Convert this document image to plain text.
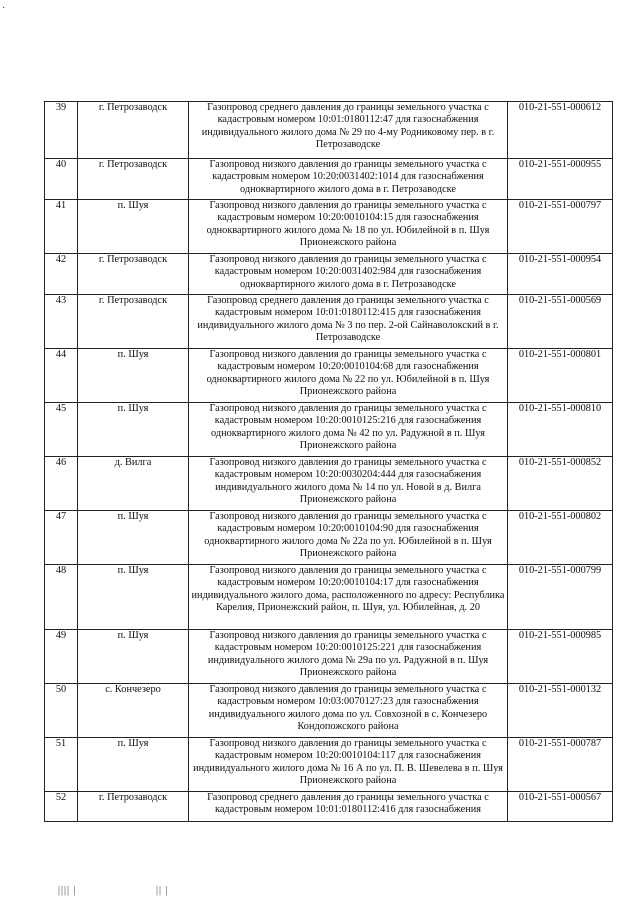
·
39	г. Петрозаводск	Газопровод среднего давления до границы земельного участка с кадастровым номером 10:01:0180112:47 для газоснабжения индивидуального жилого дома № 29 по 4-му Родниковому пер. в г. Петрозаводске	010-21-551-000612
40	г. Петрозаводск	Газопровод низкого давления до границы земельного участка с кадастровым номером 10:20:0031402:1014 для газоснабжения одноквартирного жилого дома в г. Петрозаводске	010-21-551-000955
41	п. Шуя	Газопровод низкого давления до границы земельного участка с кадастровым номером 10:20:0010104:15 для газоснабжения одноквартирного жилого дома № 18 по ул. Юбилейной в п. Шуя Прионежского района	010-21-551-000797
42	г. Петрозаводск	Газопровод низкого давления до границы земельного участка с кадастровым номером 10:20:0031402:984 для газоснабжения одноквартирного жилого дома в г. Петрозаводске	010-21-551-000954
43	г. Петрозаводск	Газопровод среднего давления до границы земельного участка с кадастровым номером 10:01:0180112:415 для газоснабжения индивидуального жилого дома № 3 по пер. 2-ой Сайнаволокский в г. Петрозаводске	010-21-551-000569
44	п. Шуя	Газопровод низкого давления до границы земельного участка с кадастровым номером 10:20:0010104:68 для газоснабжения одноквартирного жилого дома № 22 по ул. Юбилейной в п. Шуя Прионежского района	010-21-551-000801
45	п. Шуя	Газопровод низкого давления до границы земельного участка с кадастровым номером 10:20:0010125:216 для газоснабжения одноквартирного жилого дома № 42 по ул. Радужной в п. Шуя Прионежского района	010-21-551-000810
46	д. Вилга	Газопровод низкого давления до границы земельного участка с кадастровым номером 10:20:0030204:444 для газоснабжения индивидуального жилого дома № 14 по ул. Новой в д. Вилга Прионежского района	010-21-551-000852
47	п. Шуя	Газопровод низкого давления до границы земельного участка с кадастровым номером 10:20:0010104:90 для газоснабжения одноквартирного жилого дома № 22а по ул. Юбилейной в п. Шуя Прионежского района	010-21-551-000802
48	п. Шуя	Газопровод низкого давления до границы земельного участка с кадастровым номером 10:20:0010104:17 для газоснабжения индивидуального жилого дома, расположенного по адресу: Республика Карелия, Прионежский район, п. Шуя, ул. Юбилейная, д. 20	010-21-551-000799
49	п. Шуя	Газопровод низкого давления до границы земельного участка с кадастровым номером 10:20:0010125:221 для газоснабжения индивидуального жилого дома № 29а по ул. Радужной в п. Шуя Прионежского района	010-21-551-000985
50	с. Кончезеро	Газопровод низкого давления до границы земельного участка с кадастровым номером 10:03:0070127:23 для газоснабжения индивидуального жилого дома по ул. Совхозной в с. Кончезеро Кондопожского района	010-21-551-000132
51	п. Шуя	Газопровод низкого давления до границы земельного участка с кадастровым номером 10:20:0010104:117 для газоснабжения индивидуального жилого дома № 16 А по ул. П. В. Шевелева в п. Шуя Прионежского района	010-21-551-000787
52	г. Петрозаводск	Газопровод среднего давления до границы земельного участка с кадастровым номером 10:01:0180112:416 для газоснабжения	010-21-551-000567
|||| |	|| |
